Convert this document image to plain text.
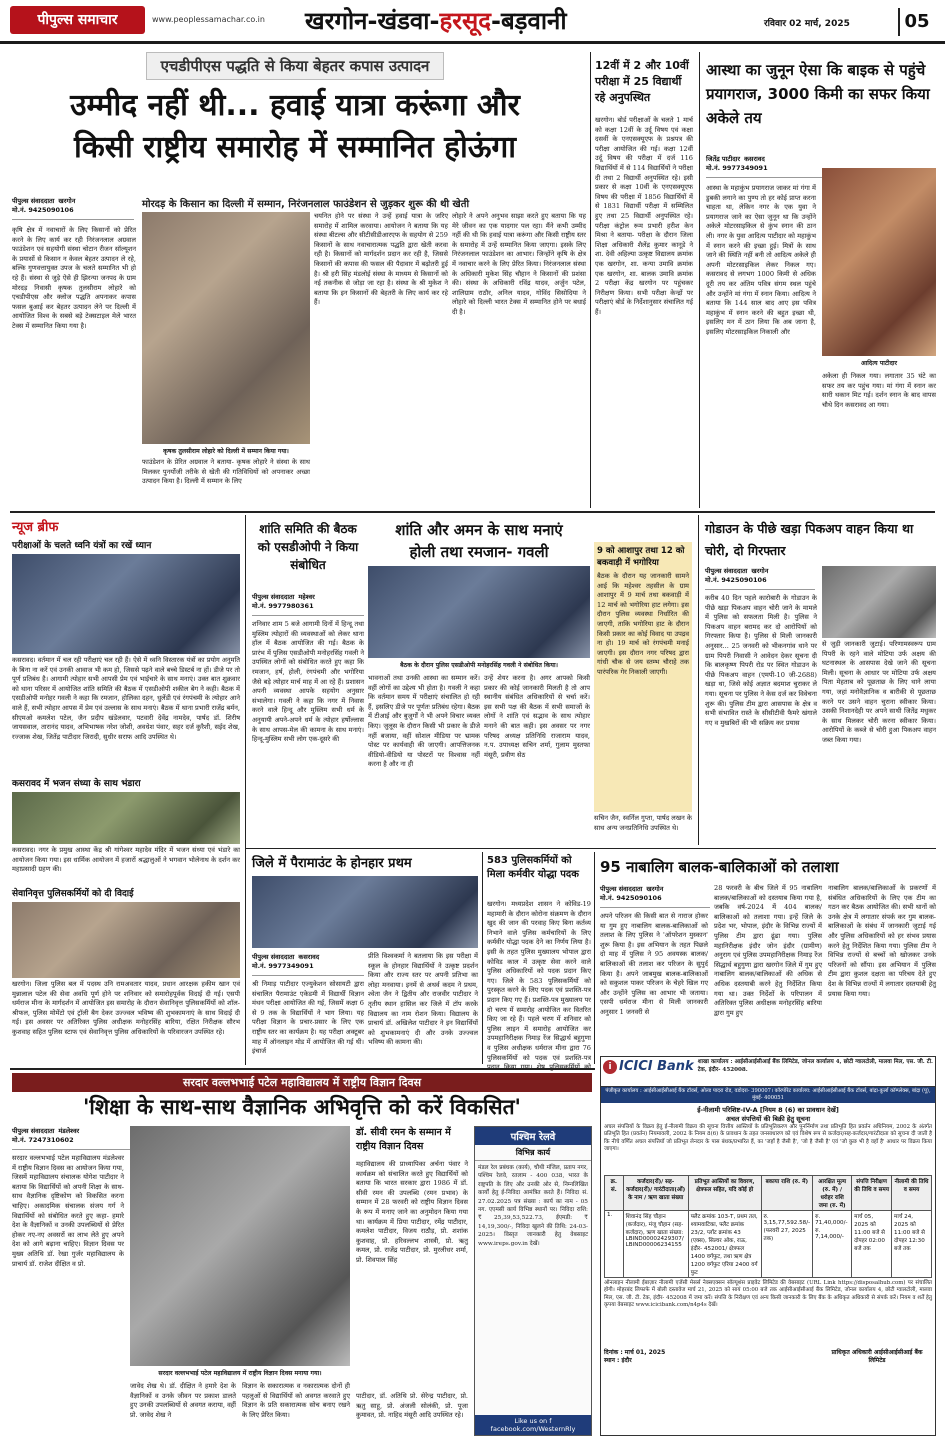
पीपुल्स समाचार	www.peoplessamachar.co.in	खरगोन-खंडवा-हरसूद-बड़वानी	रविवार 02 मार्च, 2025	05
एचडीपीएस पद्धति से किया बेहतर कपास उत्पादन
उम्मीद नहीं थी... हवाई यात्रा करूंगा और
किसी राष्ट्रीय समारोह में सम्मानित होऊंगा
पीपुल्स संवाददाता खरगोन
मो.नं. 9425090106	मोरदड़ के किसान का दिल्ली में सम्मान, निरंजनलाल फाउंडेशन से जुड़कर शुरू की थी खेती
कृषक तुलसीराम लोहारे को दिल्ली में सम्मान किया गया।
कृषि क्षेत्र में नवाचारों के लिए किसानों को प्रेरित करने के लिए कार्य कर रही निरंजनलाल अग्रवाल फाउंडेशन एवं सहयोगी संस्था चोटान रीजन सॉल्यूशन के प्रयासों से किसान न केवल बेहतर उत्पादन ले रहे, बल्कि गुणवत्तायुक्त उपज के चलते सम्मानित भी हो रहे हैं। संस्था से जुड़े ऐसे ही झिरन्या जनपद के ग्राम मोरदड़ निवासी कृषक तुलसीराम लोहारे को एचडीपीएस और क्लोज पद्धति अपनाकर कपास फसल बुआई कर बेहतर उत्पादन लेने पर दिल्ली में आयोजित विश्व के सबसे बड़े टेक्सटाइल मेले भारत टेक्स में सम्मानित किया गया है।
फाउंडेशन के प्रेरित अग्रवाल ने बताया- कृषक लोहारे ने संस्था के साथ मिलकर पुनर्योजी तरीके से खेती की गतिविधियों को अपनाकर अच्छा उत्पादन किया है। दिल्ली में सम्मान के लिए
चयनित होने पर संस्था ने उन्हें हवाई यात्रा के जरिए समारोह में शामिल करवाया। आयोजन ने बताया कि यह संस्था बीटल्स और सीटीसीडीआरएफ के सहयोग से 259 किसानों के साथ नवाचारात्मक पद्धति द्वारा खेती करवा रही है। किसानों को मार्गदर्शन प्रदान कर रही है, जिससे किसानों की कपास की फसल की पैदावार में बढ़ोतरी हुई है। श्री हरी सिंह मंडलोई संस्था के माध्यम से किसानों को नई तकनीक से जोड़ा जा रहा है। संस्था के श्री मुकेश ने बताया कि इन किसानों की बेहतरी के लिए कार्य कर रहे हैं।
लोहारे ने अपने अनुभव साझा करते हुए बताया कि यह मेरे जीवन का एक यादगार पल रहा। मैंने कभी उम्मीद नहीं की थी कि हवाई यात्रा करूंगा और किसी राष्ट्रीय स्तर के समारोह में उन्हें सम्मानित किया जाएगा। इसके लिए निरंजनलाल फाउंडेशन का आभार। जिन्होंने कृषि के क्षेत्र में नवाचार करने के लिए प्रेरित किया। निरंजनलाल संस्था के अधिकारी मुकेश सिंह चौहान ने किसानों की प्रशंसा की। संस्था के अधिकारी रविंद्र यादव, अर्जुन पटेल, शालिग्राम राठौर, अनिल यादव, गोविंद सिसोदिया ने लोहारे को दिल्ली भारत टेक्स में सम्मानित होने पर बधाई दी है।
12वीं में 2 और 10वीं परीक्षा में 25 विद्यार्थी रहे अनुपस्थित
खरगोन। बोर्ड परीक्षाओं के चलते 1 मार्च को कक्षा 12वीं के उर्दू विषय एवं कक्षा दसवीं के एनएसक्यूएफ के प्रश्नपत्र की परीक्षा आयोजित की गई। कक्षा 12वीं उर्दू विषय की परीक्षा में दर्ज 116 विद्यार्थियों में से 114 विद्यार्थियों ने परीक्षा दी तथा 2 विद्यार्थी अनुपस्थित रहे। इसी प्रकार से कक्षा 10वीं के एनएसक्यूएफ विषय की परीक्षा में 1856 विद्यार्थियों में से 1831 विद्यार्थी परीक्षा में सम्मिलित हुए तथा 25 विद्यार्थी अनुपस्थित रहे। परीक्षा कंट्रोल रूम प्रभारी हरीश केन मिश्रा ने बताया- परीक्षा के दौरान जिला शिक्षा अधिकारी शैलेंद्र कुमार कानूडे ने शा. देवी अहिल्या उत्कृष्ट विद्यालय क्रमांक एक खरगोन, शा. कन्या उमावि क्रमांक एक खरगोन, शा. बालक उमावि क्रमांक 2 परीक्षा केंद्र खरगोन पर पहुंचकर निरीक्षण किया। सभी परीक्षा केन्द्रों पर परीक्षाएं बोर्ड के निर्देशानुसार संचालित गई हैं।
आस्था का जुनून ऐसा कि बाइक से पहुंचे प्रयागराज, 3000 किमी का सफर किया अकेले तय
जितेंद्र पाटीदार कसरावद
मो.नं. 9977349091
आस्था के महाकुंभ प्रयागराज जाकर मां गंगा में डुबकी लगाने का पुण्य तो हर कोई प्राप्त करना चाहता था, लेकिन नगर के एक युवा ने प्रयागराज जाने का ऐसा जुनून था कि उन्होंने अकेले मोटरसाइकिल से कुंभ स्नान की ठान ली। नगर के युवा आदित्य पाटीदार को महाकुंभ में स्नान करने की इच्छा हुई। मित्रों के साथ जाने की स्थिति नहीं बनी तो आदित्य अकेले ही अपनी मोटरसाइकिल लेकर निकल गए। कसरावद से लगभग 1000 किमी से अधिक दूरी तय कर अंतिम पवित्र संगम स्थल पहुंचे और उन्होंने मां गंगा में स्नान किया। आदित्य ने बताया कि 144 साल बाद आए इस पवित्र महाकुंभ में स्नान करने की बहुत इच्छा थी, इसलिए मन में ठान लिया कि अब जाना है, इसलिए मोटरसाइकिल निकाली और
आदित्य पाटीदार
अकेला ही निकल गया। लगातार 35 घंटे का सफर तय कर पहुंच गया। मां गंगा में स्नान कर सारी थकान मिट गई। दर्शन स्नान के बाद वापस चौथे दिन कसरावद आ गया।
न्यूज ब्रीफ
परीक्षाओं के चलते ध्वनि यंत्रों का रखें ध्यान
कसरावद। वर्तमान में चल रही परीक्षाएं चल रही हैं। ऐसे में ध्वनि विस्तारक यंत्रों का प्रयोग अनुमति के बिना ना करें एवं उनकी आवाज भी कम हो, जिससे पढ़ने वाले बच्चे डिस्टर्ब ना हों। डीजे पर तो पूर्ण प्रतिबंध है। आगामी त्योहार सभी आपसी प्रेम एवं भाईचारे के साथ मनाएं। उक्त बात शुक्रवार को थाना परिसर में आयोजित शांति समिति की बैठक में एसडीओपी शकील बेग ने कही। बैठक में एसडीओपी मनोहर गवली ने कहा कि रमजान, होलिका दहन, धुलेंडी एवं रंगपंचमी के त्योहार आने वाले हैं, सभी त्योहार आपस में प्रेम एवं उल्लास के साथ मनाएं। बैठक में थाना प्रभारी राजेंद्र बर्मन, सीएमओ कमलेश पटेल, जैन प्रदीप खंडेलवार, पटवारी देवेंद्र नामदेव, पार्षद डॉ. शिरीष जायसवाल, तारानंद यादव, अभिभाषक नरेश जोशी, अवधेश पंवार, सहर दर्ज कुरैशी, सईद शेख, रज्जाक शेख, जितेंद्र पाटीदार जिरादी, सुधीर सराफ आदि उपस्थित थे।
कसरावद में भजन संध्या के साथ भंडारा
कसरावद। नगर के प्रमुख आस्था केंद्र श्री गांगेश्वर महादेव मंदिर में भजन संध्या एवं भंडारे का आयोजन किया गया। इस धार्मिक आयोजन में हजारों श्रद्धालुओं ने भगवान भोलेनाथ के दर्शन कर महाप्रसादी ग्रहण की।
सेवानिवृत्त पुलिसकर्मियों को दी विदाई
खरगोन। जिला पुलिस बल में पदस्थ उनि रामअवतार यादव, प्रधान आरक्षक हकीम खान एवं मुन्नालाल पटेल की सेवा अवधि पूर्ण होने पर शनिवार को समारोहपूर्वक विदाई दी गई। एसपी धर्मराज मीना के मार्गदर्शन में आयोजित इस समारोह के दौरान सेवानिवृत्त पुलिसकर्मियों को शॉल-श्रीफल, पुलिस मोमेंटो एवं ट्रॉली बैग देकर उज्ज्वल भविष्य की शुभकामनाएं के साथ विदाई दी गई। इस अवसर पर अतिरिक्त पुलिस अधीक्षक मनोहरसिंह बारिया, रक्षित निरीक्षक सौरभ कुशवाह सहित पुलिस स्टाफ एवं सेवानिवृत्त पुलिस अधिकारियों के परिवारजन उपस्थित रहे।
शांति समिति की बैठक को एसडीओपी ने किया संबोधित
पीपुल्स संवाददाता महेश्वर
मो.नं. 9977980361
शनिवार शाम 5 बजे आगामी दिनों में हिन्दू तथा मुस्लिम त्योहारों की व्यवस्थाओं को लेकर थाना हॉल में बैठक आयोजित की गई। बैठक के प्रारंभ में पुलिस एसडीओपी मनोहरसिंह गवली ने उपस्थित लोगों को संबोधित करते हुए कहा कि रमजान, हर्ष, होली, रंगपंचमी और भगोरिया जैसे बड़े त्योहार मार्च माह में आ रहे हैं। प्रशासन अपनी व्यवस्था आपके सहयोग अनुसार संभालेगा। गवली ने कहा कि नगर में निवास करने वाले हिन्दू और मुस्लिम सभी धर्म के अनुयायी अपने-अपने धर्म के त्योहार हर्षोल्लास के साथ आपस-मेल की कामना के साथ मनाएं। हिन्दू-मुस्लिम सभी लोग एक-दूसरे की
भावनाओं तथा उनकी आस्था का सम्मान करें। वहीं लोगों का उद्देश्य भी होता है। गवली ने कहा कि वर्तमान समय में परीक्षाएं संचालित हो रही हैं, इसलिए डीजे पर पूर्णतः प्रतिबंध रहेगा। बैठक में टीआई और बुजुर्गों ने भी अपने विचार व्यक्त किए। जुलूस के दौरान किसी भी प्रकार के डीजे नहीं बजाया, वहीं सोशल मीडिया पर भ्रामक पोस्ट पर कार्यवाही की जाएगी। आपत्तिजनक वीडियो-वीडियो या पोस्टरों पर विश्वास नहीं करना है और ना ही
शांति और अमन के साथ मनाएं
होली तथा रमजान- गवली
बैठक के दौरान पुलिस एसडीओपी मनोहरसिंह गवली ने संबोधित किया।
उन्हें शेयर करना है। अगर आपको किसी प्रकार की कोई जानकारी मिलती है तो आप स्थानीय संबंधित अधिकारियों से चर्चा करें। इस सभी पक्ष की बैठक में सभी समाजों के लोगों ने शांति एवं सद्भाव के साथ त्योहार मनाने की बात कही। इस अवसर पर नगर परिषद अध्यक्ष प्रतिनिधि राजाराम यादव, न.प. उपाध्यक्ष सचिन शर्मा, गुलाम मुस्तफा मंसूरी, प्रवीण सेठ
9 को आशापुर तथा 12 को बकवाड़ी में भगोरिया
बैठक के दौरान यह जानकारी सामने आई कि महेश्वर तहसील के ग्राम आशापुर में 9 मार्च तथा बकवाड़ी में 12 मार्च को भगोरिया हाट लगेगा। इस दौरान पुलिस व्यवस्था निर्धारित की जाएगी, ताकि भगोरिया हाट के दौरान किसी प्रकार का कोई विवाद या उपद्रव ना हो। 19 मार्च को रंगपंचमी मनाई जाएगी। इस दौरान नगर परिषद द्वारा गांधी चौक से जय स्तम्भ चौराहे तक पारंपरिक गेर निकाली जाएगी।
सचिन जैन, स्वर्निल गुप्ता, पार्षद लखन के साथ अन्य जनप्रतिनिधि उपस्थित थे।
गोडाउन के पीछे खड़ा पिकअप वाहन किया था चोरी, दो गिरफ्तार
पीपुल्स संवाददाता खरगोन
मो.नं. 9425090106
करीब 40 दिन पहले कारोबारी के गोडाउन के पीछे खड़ा पिकअप वाहन चोरी जाने के मामले में पुलिस को सफलता मिली है। पुलिस ने पिकअप वाहन बरामद कर दो आरोपियों को गिरफ्तार किया है। पुलिस से मिली जानकारी अनुसार... 25 जनवरी को भीकनगांव थाने पर ग्राम पिपरी निवासी ने आवेदन देकर सूचना दी कि बालकृष्ण पिपरी रोड पर स्थित गोडाउन के पीछे पिकअप वाहन (एमपी-10 जी-2688) खड़ा था, जिसे कोई अज्ञात बदमाश चुराकर ले गया। सूचना पर पुलिस ने केस दर्ज कर विवेचना शुरू की। पुलिस टीम द्वारा आसपास के क्षेत्र व सभी संभावित रास्ते के सीसीटीवी फैमरे खंगाले गए व मुखबिरों की भी सक्रिय कर प्रयास
से जुड़ी जानकारी जुटाई। परिणामस्वरूप ग्राम पिपरी के रहने वाले मोटिया उर्फ अक्षय की घटनास्थल के आसपास देखे जाने की सूचना मिली। सूचना के आधार पर मोटिया उर्फ अक्षय पिता मेहताब को पूछताछ के लिए थाने लाया गया, जहां मनोवैज्ञानिक व बारीकी से पूछताछ करने पर उसने वाहन चुराना स्वीकार किया। उसकी निशानदेही पर अपने साथी जितेंद्र मधुकर के साथ मिलकर चोरी करना स्वीकार किया। आरोपियों के कब्जे से चोरी हुआ पिकअप वाहन जब्त किया गया।
जिले में पैरामाउंट के होनहार प्रथम
पीपुल्स संवाददाता कसरावद
मो.नं. 9977349091
श्री निमाड़ पाटीदार एज्युकेशन सोसायटी द्वारा संचालित पैरामाउंट एकेडमी में विद्यार्थी विज्ञान मंथन परीक्षा आयोजित की गई, जिसमें कक्षा 6 से 9 तक के विद्यार्थियों ने भाग लिया। यह परीक्षा विज्ञान के प्रचार-प्रसार के लिए एक राष्ट्रीय स्तर का कार्यक्रम है। यह परीक्षा अक्टूबर माह में ऑनलाइन मोड में आयोजित की गई थी। इंचार्ज
प्रीति विश्वकर्मा ने बतलाया कि इस परीक्षा में स्कूल के होनहार विद्यार्थियों ने उत्कृष्ट प्रदर्शन किया और राज्य स्तर पर अपनी प्रतिभा का लोहा मनवाया। इनमें से अथर्व कदम ने प्रथम, श्वेता जैन ने द्वितीय और राजवीर पाटीदार ने तृतीय स्थान हासिल कर जिले में टॉप करके विद्यालय का नाम रोशन किया। विद्यालय के प्राचार्य डॉ. अखिलेश पाटीदार ने इन विद्यार्थियों को शुभकामनाएं दी और उनके उज्ज्वल भविष्य की कामना की।
583 पुलिसकर्मियों को मिला कर्मवीर योद्धा पदक
खरगोन। मध्यप्रदेश शासन ने कोविड-19 महामारी के दौरान कोरोना संक्रमण के दौरान खुद की जान की परवाह किए बिना कर्तव्य निभाने वाले पुलिस कर्मचारियों के लिए कर्मवीर योद्धा पदक देने का निर्णय लिया है। इसी के तहत पुलिस मुख्यालय भोपाल द्वारा कोविड काल में उत्कृष्ट सेवा करने वाले पुलिस अधिकारियों को पदक प्रदान किए गए। जिले के 583 पुलिसकर्मियों को पुरस्कृत करने के लिए पदक एवं प्रशस्ति-पत्र प्रदान किए गए हैं। प्रशस्ति-पत्र मुख्यालय पर दो चरण में समारोह आयोजित कर वितरित किए जा रहे हैं। पहले चरण में शनिवार को पुलिस लाइन में समारोह आयोजित कर उपमहानिरीक्षक निमाड़ रेंज सिद्धार्थ बहुगुणा व पुलिस अधीक्षक धर्मराज मीना द्वारा 76 पुलिसकर्मियों को पदक एवं प्रशस्ति-पत्र
95 नाबालिग बालक-बालिकाओं को तलाशा
पीपुल्स संवाददाता खरगोन
मो.नं. 9425090106
अपने परिजन की किसी बात से नाराज होकर या गुम हुए नाबालिग बालक-बालिकाओं को तलाश के लिए पुलिस ने 'ऑपरेशन मुस्कान' शुरू किया है। इस अभियान के तहत पिछले दो माह में पुलिस ने 95 अवयस्क बालक/बालिकाओं की तलाश कर परिजन के सुपुर्द किया है। अपने जाबमुख बालक-बालिकाओं को सकुशल पाकर परिजन के चेहरे खिल गए और उन्होंने पुलिस का आभार भी जताया। एसपी धर्मराज मीना से मिली जानकारी अनुसार 1 जनवरी से
28 फरवरी के बीच जिले में 95 नाबालिग बालक/बालिकाओं को दस्तयाब किया गया है, जबकि वर्ष-2024 में 404 बालक/बालिकाओं को तलाशा गया। इन्हें जिले के प्रदेश भर, भोपाल, इंदौर के विभिन्न राज्यों में पुलिस टीम द्वारा ढूंढा गया। पुलिस महानिरीक्षक इंदौर जोन इंदौर (ग्रामीण) अनुराग एवं पुलिस उपमहानिरीक्षक निमाड़ रेंज सिद्धार्थ बहुगुणा द्वारा खरगोन जिले में गुम हुए नाबालिग बालक/बालिकाओं की अधिक से अधिक दस्तयाबी करने हेतु निर्देशित किया गया था। उक्त निर्देशों के परिपालन में अतिरिक्त पुलिस अधीक्षक मनोहरसिंह बारिया द्वारा गुम हुए
नाबालिग बालक/बालिकाओं के प्रकरणों में संबंधित अधिकारियों के लिए एक टीम का गठन कर बैठक आयोजित की। सभी थानों को उनके क्षेत्र में लगातार संपर्क कर गुम बालक-बालिकाओं के संबंध में जानकारी जुटाई गई और पुलिस अधिकारियों को हर संभव प्रयास करने हेतु निर्देशित किया गया। पुलिस टीम ने विभिन्न राज्यों से बच्चों को खोजकर उनके परिजनों को सौंपा। इस अभियान में पुलिस टीम द्वारा कुशल दक्षता का परिचय देते हुए देश के विभिन्न राज्यों में लगातार दस्तयाबी हेतु प्रयास किया गया।
सरदार वल्लभभाई पटेल महाविद्यालय में राष्ट्रीय विज्ञान दिवस
'शिक्षा के साथ-साथ वैज्ञानिक अभिवृत्ति को करें विकसित'
पीपुल्स संवाददाता मंडलेश्वर
मो.नं. 7247310602
सरदार वल्लभभाई पटेल महाविद्यालय मंडलेश्वर में राष्ट्रीय विज्ञान दिवस का आयोजन किया गया, जिसमें महाविद्यालय संचालक योगेश पाटीदार ने बताया कि विद्यार्थियों को अपनी शिक्षा के साथ-साथ वैज्ञानिक दृष्टिकोण को विकसित करना चाहिए। अकादमिक संचालक संजय गर्ग ने विद्यार्थियों को संबोधित करते हुए कहा- हमारे देश के वैज्ञानिकों व उनकी उपलब्धियों से प्रेरित होकर नए-नए अवसरों का लाभ लेते हुए अपने देश को आगे बढ़ाना चाहिए। विज्ञान दिवस पर मुख्य अतिथि डॉ. रेखा गुर्जर महाविद्यालय के प्राचार्य डॉ. राजेश दीक्षित व प्रो.
सरदार वल्लभभाई पटेल महाविद्यालय में राष्ट्रीय विज्ञान दिवस मनाया गया।
जावेद शेख थे। डॉ. दीक्षित ने हमारे देश के वैज्ञानिकों व उनके जीवन पर प्रकाश डालते हुए उनकी उपलब्धियों से अवगत कराया, वहीं प्रो. जावेद शेख ने
विज्ञान के सकारात्मक व नकारात्मक दोनों ही पहलुओं से विद्यार्थियों को अवगत करवाते हुए विज्ञान के प्रति सकारात्मक सोच बनाए रखने के लिए प्रेरित किया।
डॉ. सीवी रमन के सम्मान में राष्ट्रीय विज्ञान दिवस
महाविद्यालय की प्राध्यापिका अर्चना पंवार ने कार्यक्रम को संचालित करते हुए विद्यार्थियों को बताया कि भारत सरकार द्वारा 1986 में डॉ. सीवी रमन की उपलब्धि (रमन प्रभाव) के सम्मान में 28 फरवरी को राष्ट्रीय विज्ञान दिवस के रूप में मनाए जाने का अनुमोदन किया गया था। कार्यक्रम में प्रिया पाटीदार, रमेंद्र पाटीदार, कमलेश पाटीदार, विजय राठौड़, प्रो. शशांक कुशवाह, प्रो. हरिवल्लभ शास्त्री, प्रो. ऋतु कमल, प्रो. राजेंद्र पाटीदार, प्रो. मुरलीधर शर्मा, प्रो. शिवपाल सिंह
पाटीदार, डॉ. अतिथि प्रो. सेरेन्द्र पाटीदार, प्रो. ऋतु साहू, प्रो. अंजली सोलंकी, प्रो. पूजा कुमावत, प्रो. नाहिद मंसूरी आदि उपस्थित रहे।
पश्चिम रेलवे
विभिन्न कार्य
मंडल रेल प्रबंधक (कार्य), चौथी मंजिल, प्रताप नगर, पश्चिम रेलवे, रतलाम - 400 038, भारत के राष्ट्रपति के लिए और उनकी ओर से, निम्नलिखित कार्यों हेतु ई-निविदा आमंत्रित करते हैं। निविदा सं. 27.02.2025 पत्र संख्या : कार्य का नाम - 05 नग. एएमसी कार्य विभिन्न स्थानों पर। निविदा राशि: ₹ 25,39,53,522.73, ईएमडी: ₹ 14,19,300/-, निविदा खुलने की तिथि: 24-03-2025। विस्तृत जानकारी हेतु वेबसाइट www.ireps.gov.in देखें।
Like us on f facebook.com/WesternRly
i ICICI Bank शाखा कार्यालय : आईसीआईसीआई बैंक लिमिटेड, जोनल कार्यालय 4, छोटी ग्वालटोली, मालवा मिल, एस. जी. टी. टेक, इंदौर- 452008.
पंजीकृत कार्यालय : आईसीआईसीआई बैंक टॉवर्स, ओल्ड पादरा रोड, वडोदरा- 390007। कॉरपोरेट कार्यालय: आईसीआईसीआई बैंक टॉवर्स, बांद्रा-कुर्ला कॉम्प्लेक्स, बांद्रा (पू), मुंबई- 400051
ई-नीलामी परिशिष्ट-IV-A [नियम 8 (6) का प्रावधान देखें]
अचल संपत्तियों की बिक्री हेतु सूचना
अचल संपत्तियों के विक्रय हेतु ई-नीलामी विक्रय की सूचना वित्तीय आस्तियों के प्रतिभूतिकरण और पुनर्निर्माण तथा प्रतिभूति हित प्रवर्तन अधिनियम, 2002 के अंतर्गत प्रतिभूति हित (प्रवर्तन) नियमावली, 2002 के नियम 8(6) के प्रावधान के तहत जनसाधारण को एवं विशेष रूप से कर्जदार/सह-कर्जदार/गारंटीदाता को सूचना दी जाती है कि नीचे वर्णित अचल संपत्तियाँ जो प्रतिभूत लेनदार के पास बंधक/प्रभारित हैं, का 'जहाँ है जैसी है', 'जो है जैसी है' एवं 'जो कुछ भी है वहाँ है' आधार पर विक्रय किया जाएगा।
क्र. सं.	कर्जदार(रों)/ सह-कर्जदार(रों)/ गारंटीदाता(ओं) के नाम / ऋण खाता संख्या	प्रतिभूत आस्तियों का विवरण, क्षेत्रफल सहित, यदि कोई हो	बकाया राशि (रु. में)	आरक्षित मूल्य (रु. में) / धरोहर राशि जमा (रु. में)	संपत्ति निरीक्षण की तिथि व समय	नीलामी की तिथि व समय
1.	शिवानंद सिंह चौहान (कर्जदार), मंजू चौहान (सह-कर्जदार), ऋण खाता संख्या: LBIND00002429307/ LBIND00006234155	फ्लैट क्रमांक 103-T, प्रथम तल, श्यामवाटिका, फ्लैट क्रमांक 23/2, प्लॉट क्रमांक 43 (एक्स), सिल्वर ओक, राऊ, इंदौर- 452001/ क्षेत्रफल 1400 वर्गफुट, तथा ऋण क्षेत्र 1200 वर्गफुट एरिया 2400 वर्ग फुट	रु. 3,15,77,592.58/- (फरवरी 27, 2025 तक)	रु. 71,40,000/- रु. 7,14,000/-	मार्च 05, 2025 को 11:00 बजे से दोपहर 02:00 बजे तक	मार्च 24, 2025 को 11:00 बजे से दोपहर 12:30 बजे तक
ऑनलाइन नीलामी ईबाज़ार नीलामी एजेंसी मेसर्स नेक्सएक्सन सॉल्यूशंस प्राइवेट लिमिटेड की वेबसाइट (URL Link https://disposalhub.com) पर संचालित होगी। मोहरबंद लिफाफे में बोली दस्तावेज मार्च 21, 2025 को सायं 05:00 बजे तक आईसीआईसीआई बैंक लिमिटेड, जोनल कार्यालय 4, छोटी ग्वालटोली, मालवा मिल, एस. जी. टी. टेक, इंदौर- 452008 में जमा करें। संपत्ति के निरीक्षण एवं अन्य किसी जानकारी के लिए बैंक के अधिकृत अधिकारी से संपर्क करें। नियम व शर्तें हेतु कृपया वेबसाइट www.icicibank.com/n4p4s देखें।
दिनांक : मार्च 01, 2025
स्थान : इंदौर
प्राधिकृत अधिकारी आईसीआईसीआई बैंक लिमिटेड
